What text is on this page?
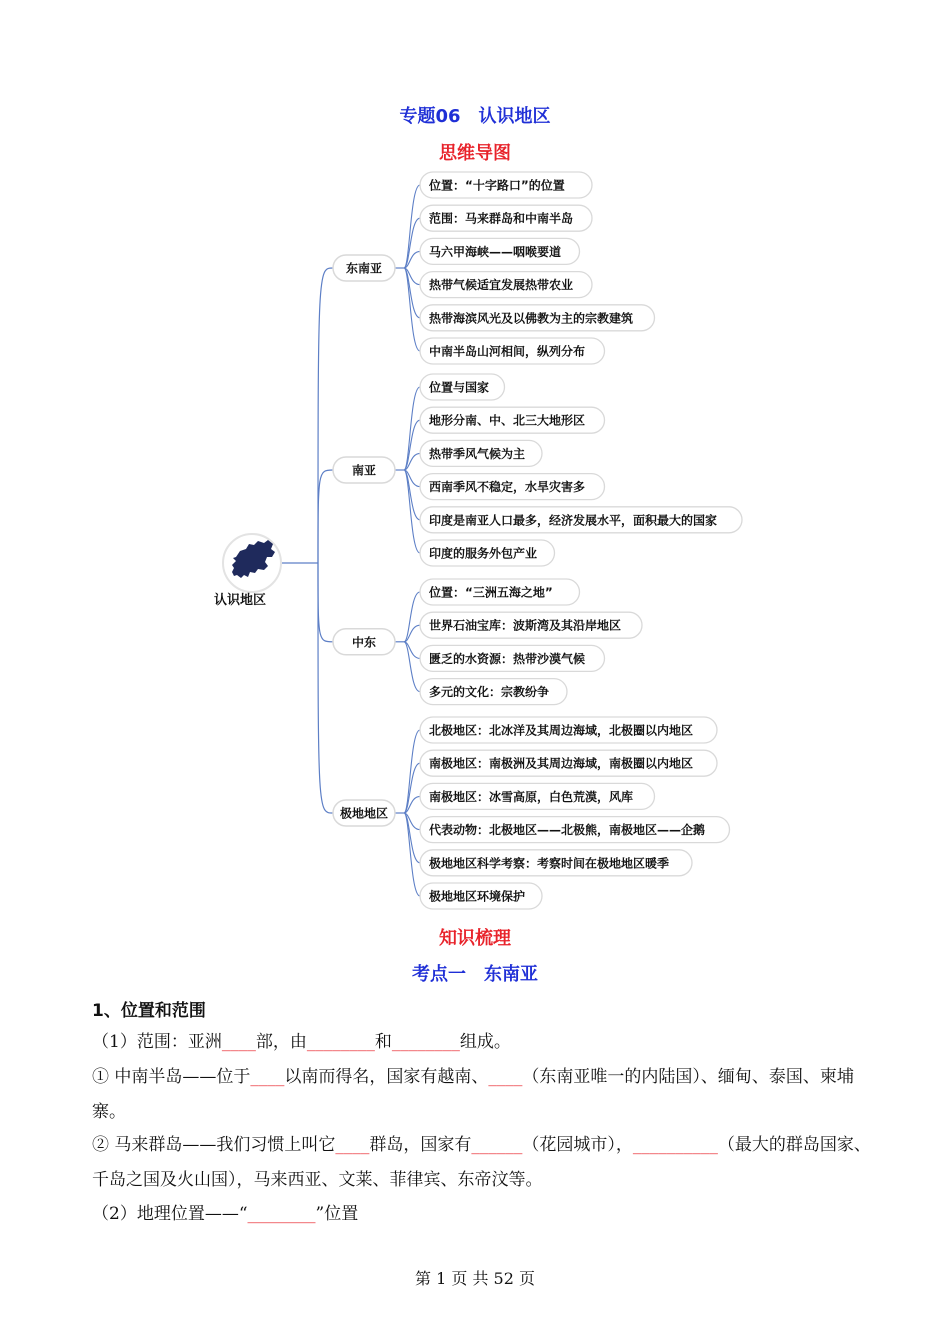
专题06　认识地区
思维导图
东南亚
位置：“十字路口”的位置
范围：马来群岛和中南半岛
马六甲海峡——咽喉要道
热带气候适宜发展热带农业
热带海滨风光及以佛教为主的宗教建筑
中南半岛山河相间，纵列分布
南亚
位置与国家
地形分南、中、北三大地形区
热带季风气候为主
西南季风不稳定，水旱灾害多
印度是南亚人口最多，经济发展水平，面积最大的国家
印度的服务外包产业
中东
位置：“三洲五海之地”
世界石油宝库：波斯湾及其沿岸地区
匮乏的水资源：热带沙漠气候
多元的文化：宗教纷争
极地地区
北极地区：北冰洋及其周边海域，北极圈以内地区
南极地区：南极洲及其周边海域，南极圈以内地区
南极地区：冰雪高原，白色荒漠，风库
代表动物：北极地区——北极熊，南极地区——企鹅
极地地区科学考察：考察时间在极地地区暖季
极地地区环境保护
认识地区
知识梳理
考点一　东南亚
1、位置和范围
（1）范围：亚洲____部，由________和________组成。
① 中南半岛——位于____以南而得名，国家有越南、____（东南亚唯一的内陆国）、缅甸、泰国、柬埔寨。
② 马来群岛——我们习惯上叫它____群岛，国家有______（花园城市），__________（最大的群岛国家、千岛之国及火山国），马来西亚、文莱、菲律宾、东帝汶等。
（2）地理位置——“________”位置
第 1 页 共 52 页
